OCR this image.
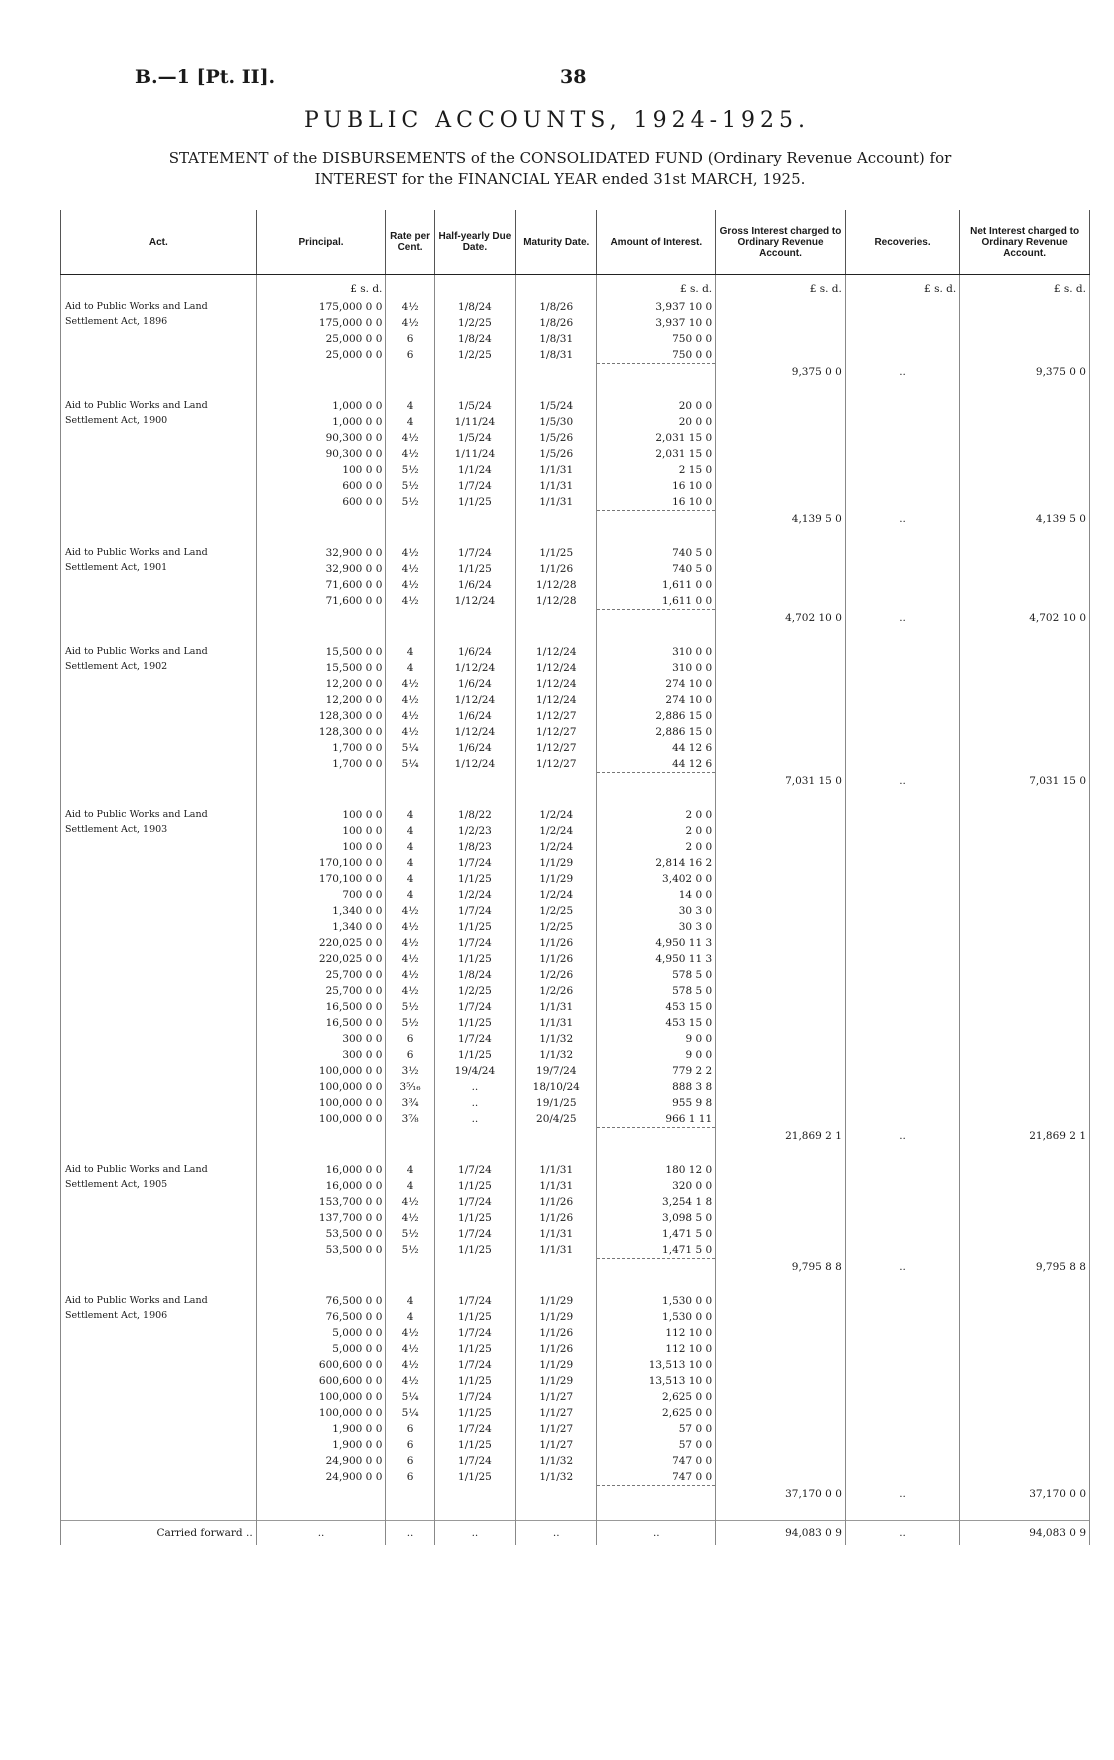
B.—1 [Pt. II].	38
PUBLIC ACCOUNTS, 1924-1925.
STATEMENT of the DISBURSEMENTS of the CONSOLIDATED FUND (Ordinary Revenue Account) for
INTEREST for the FINANCIAL YEAR ended 31st MARCH, 1925.
Act.	Principal.	Rate per Cent.	Half-yearly Due Date.	Maturity Date.	Amount of Interest.	Gross Interest charged to Ordinary Revenue Account.	Recoveries.	Net Interest charged to Ordinary Revenue Account.
	£ s. d.				£ s. d.	£ s. d.	£ s. d.	£ s. d.
Aid to Public Works and Land Settlement Act, 1896	175,000 0 0	4½	1/8/24	1/8/26	3,937 10 0			
	175,000 0 0	4½	1/2/25	1/8/26	3,937 10 0			
	25,000 0 0	6	1/8/24	1/8/31	750 0 0			
	25,000 0 0	6	1/2/25	1/8/31	750 0 0			
						9,375 0 0	..	9,375 0 0

Aid to Public Works and Land Settlement Act, 1900	1,000 0 0	4	1/5/24	1/5/24	20 0 0			
	1,000 0 0	4	1/11/24	1/5/30	20 0 0			
	90,300 0 0	4½	1/5/24	1/5/26	2,031 15 0			
	90,300 0 0	4½	1/11/24	1/5/26	2,031 15 0			
	100 0 0	5½	1/1/24	1/1/31	2 15 0			
	600 0 0	5½	1/7/24	1/1/31	16 10 0			
	600 0 0	5½	1/1/25	1/1/31	16 10 0			
						4,139 5 0	..	4,139 5 0

Aid to Public Works and Land Settlement Act, 1901	32,900 0 0	4½	1/7/24	1/1/25	740 5 0			
	32,900 0 0	4½	1/1/25	1/1/26	740 5 0			
	71,600 0 0	4½	1/6/24	1/12/28	1,611 0 0			
	71,600 0 0	4½	1/12/24	1/12/28	1,611 0 0			
						4,702 10 0	..	4,702 10 0

Aid to Public Works and Land Settlement Act, 1902	15,500 0 0	4	1/6/24	1/12/24	310 0 0			
	15,500 0 0	4	1/12/24	1/12/24	310 0 0			
	12,200 0 0	4½	1/6/24	1/12/24	274 10 0			
	12,200 0 0	4½	1/12/24	1/12/24	274 10 0			
	128,300 0 0	4½	1/6/24	1/12/27	2,886 15 0			
	128,300 0 0	4½	1/12/24	1/12/27	2,886 15 0			
	1,700 0 0	5¼	1/6/24	1/12/27	44 12 6			
	1,700 0 0	5¼	1/12/24	1/12/27	44 12 6			
						7,031 15 0	..	7,031 15 0

Aid to Public Works and Land Settlement Act, 1903	100 0 0	4	1/8/22	1/2/24	2 0 0			
	100 0 0	4	1/2/23	1/2/24	2 0 0			
	100 0 0	4	1/8/23	1/2/24	2 0 0			
	170,100 0 0	4	1/7/24	1/1/29	2,814 16 2			
	170,100 0 0	4	1/1/25	1/1/29	3,402 0 0			
	700 0 0	4	1/2/24	1/2/24	14 0 0			
	1,340 0 0	4½	1/7/24	1/2/25	30 3 0			
	1,340 0 0	4½	1/1/25	1/2/25	30 3 0			
	220,025 0 0	4½	1/7/24	1/1/26	4,950 11 3			
	220,025 0 0	4½	1/1/25	1/1/26	4,950 11 3			
	25,700 0 0	4½	1/8/24	1/2/26	578 5 0			
	25,700 0 0	4½	1/2/25	1/2/26	578 5 0			
	16,500 0 0	5½	1/7/24	1/1/31	453 15 0			
	16,500 0 0	5½	1/1/25	1/1/31	453 15 0			
	300 0 0	6	1/7/24	1/1/32	9 0 0			
	300 0 0	6	1/1/25	1/1/32	9 0 0			
	100,000 0 0	3½	19/4/24	19/7/24	779 2 2			
	100,000 0 0	3⁵⁄₁₆	..	18/10/24	888 3 8			
	100,000 0 0	3¾	..	19/1/25	955 9 8			
	100,000 0 0	3⅞	..	20/4/25	966 1 11			
						21,869 2 1	..	21,869 2 1

Aid to Public Works and Land Settlement Act, 1905	16,000 0 0	4	1/7/24	1/1/31	180 12 0			
	16,000 0 0	4	1/1/25	1/1/31	320 0 0			
	153,700 0 0	4½	1/7/24	1/1/26	3,254 1 8			
	137,700 0 0	4½	1/1/25	1/1/26	3,098 5 0			
	53,500 0 0	5½	1/7/24	1/1/31	1,471 5 0			
	53,500 0 0	5½	1/1/25	1/1/31	1,471 5 0			
						9,795 8 8	..	9,795 8 8

Aid to Public Works and Land Settlement Act, 1906	76,500 0 0	4	1/7/24	1/1/29	1,530 0 0			
	76,500 0 0	4	1/1/25	1/1/29	1,530 0 0			
	5,000 0 0	4½	1/7/24	1/1/26	112 10 0			
	5,000 0 0	4½	1/1/25	1/1/26	112 10 0			
	600,600 0 0	4½	1/7/24	1/1/29	13,513 10 0			
	600,600 0 0	4½	1/1/25	1/1/29	13,513 10 0			
	100,000 0 0	5¼	1/7/24	1/1/27	2,625 0 0			
	100,000 0 0	5¼	1/1/25	1/1/27	2,625 0 0			
	1,900 0 0	6	1/7/24	1/1/27	57 0 0			
	1,900 0 0	6	1/1/25	1/1/27	57 0 0			
	24,900 0 0	6	1/7/24	1/1/32	747 0 0			
	24,900 0 0	6	1/1/25	1/1/32	747 0 0			
						37,170 0 0	..	37,170 0 0

Carried forward ..	..	..	..	..	..	94,083 0 9	..	94,083 0 9
